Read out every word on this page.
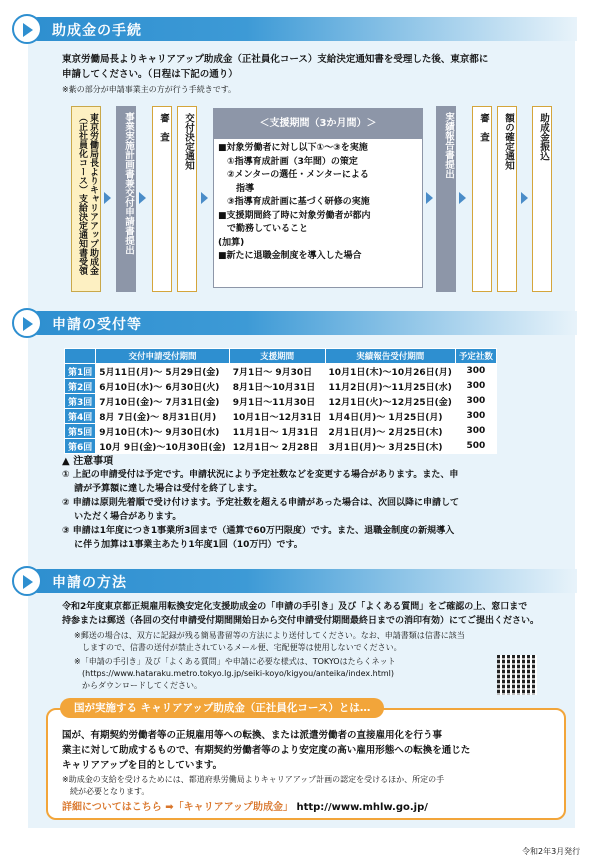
助成金の手続
東京労働局長よりキャリアアップ助成金（正社員化コース）支給決定通知書を受理した後、東京都に
申請してください。（日程は下記の通り）
※紫の部分が申請事業主の方が行う手続きです。
東京労働局長よりキャリアアップ助成金（正社員化コース）支給決定通知書受領	事業実施計画書兼交付申請書提出	審　査	交付決定通知	＜支援期間（3か月間）＞
■対象労働者に対し以下①〜③を実施
　①指導育成計画（3年間）の策定
　②メンターの選任・メンターによる
　　指導
　③指導育成計画に基づく研修の実施
■支援期間終了時に対象労働者が都内
　で勤務していること
(加算)
■新たに退職金制度を導入した場合
実績報告書提出	審　査	額の確定通知	助成金振込
申請の受付等
	交付申請受付期間	支援期間	実績報告受付期間	予定社数
第1回	5月11日(月)〜 5月29日(金)	7月1日〜 9月30日	10月1日(木)〜10月26日(月)	300
第2回	6月10日(水)〜 6月30日(火)	8月1日〜10月31日	11月2日(月)〜11月25日(水)	300
第3回	7月10日(金)〜 7月31日(金)	9月1日〜11月30日	12月1日(火)〜12月25日(金)	300
第4回	8月 7日(金)〜 8月31日(月)	10月1日〜12月31日	1月4日(月)〜 1月25日(月)	300
第5回	9月10日(木)〜 9月30日(水)	11月1日〜 1月31日	2月1日(月)〜 2月25日(木)	300
第6回	10月 9日(金)〜10月30日(金)	12月1日〜 2月28日	3月1日(月)〜 3月25日(木)	500
▲ 注意事項
① 上記の申請受付は予定です。申請状況により予定社数などを変更する場合があります。また、申
　 請が予算額に達した場合は受付を終了します。
② 申請は原則先着順で受け付けます。予定社数を超える申請があった場合は、次回以降に申請して
　 いただく場合があります。
③ 申請は1年度につき1事業所3回まで（通算で60万円限度）です。また、退職金制度の新規導入
　 に伴う加算は1事業主あたり1年度1回（10万円）です。
申請の方法
令和2年度東京都正規雇用転換安定化支援助成金の「申請の手引き」及び「よくある質問」をご確認の上、窓口まで
持参または郵送（各回の交付申請受付期間開始日から交付申請受付期間最終日までの消印有効）にてご提出ください。
※郵送の場合は、双方に記録が残る簡易書留等の方法により送付してください。なお、申請書類は信書に該当
　しますので、信書の送付が禁止されているメール便、宅配便等は使用しないでください。
※「申請の手引き」及び「よくある質問」や申請に必要な様式は、TOKYOはたらくネット
　(https://www.hataraku.metro.tokyo.lg.jp/seiki-koyo/kigyou/anteika/index.html)
　からダウンロードしてください。
国が実施する キャリアアップ助成金（正社員化コース）とは…
国が、有期契約労働者等の正規雇用等への転換、または派遣労働者の直接雇用化を行う事
業主に対して助成するもので、有期契約労働者等のより安定度の高い雇用形態への転換を通じた
キャリアアップを目的としています。
※助成金の支給を受けるためには、都道府県労働局よりキャリアアップ計画の認定を受けるほか、所定の手
　続が必要となります。
詳細についてはこちら ➡「キャリアアップ助成金」 http://www.mhlw.go.jp/
令和2年3月発行
